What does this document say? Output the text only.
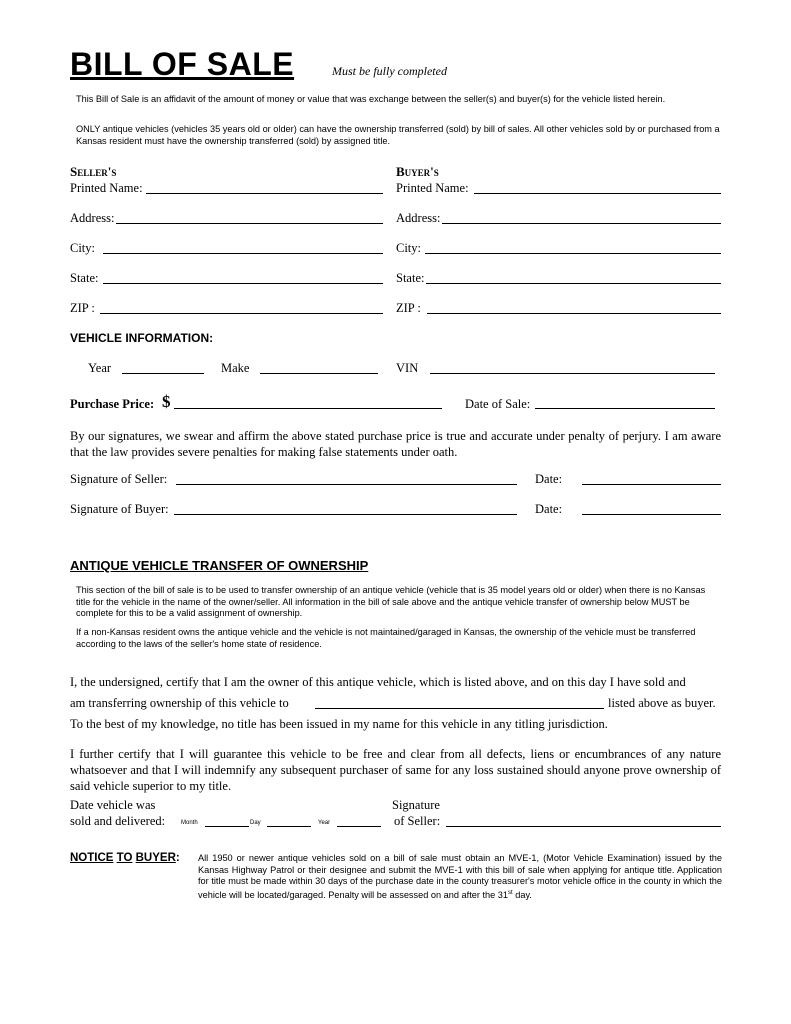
BILL OF SALE	Must be fully completed
This Bill of Sale is an affidavit of the amount of money or value that was exchange between the seller(s) and buyer(s) for the vehicle listed herein.
ONLY antique vehicles (vehicles 35 years old or older) can have the ownership transferred (sold) by bill of sales. All other vehicles sold by or purchased from a Kansas resident must have the ownership transferred (sold) by assigned title.
Seller's	Buyer's
Printed Name:
Address:
City:
State:
ZIP :
Printed Name:
Address:
City:
State:
ZIP :
VEHICLE INFORMATION:
Year	Make	VIN
Purchase Price: $	Date of Sale:
By our signatures, we swear and affirm the above stated purchase price is true and accurate under penalty of perjury. I am aware that the law provides severe penalties for making false statements under oath.
Signature of Seller:	Date:
Signature of Buyer:	Date:
ANTIQUE VEHICLE TRANSFER OF OWNERSHIP
This section of the bill of sale is to be used to transfer ownership of an antique vehicle (vehicle that is 35 model years old or older) when there is no Kansas title for the vehicle in the name of the owner/seller. All information in the bill of sale above and the antique vehicle transfer of ownership below MUST be complete for this to be a valid assignment of ownership.
If a non-Kansas resident owns the antique vehicle and the vehicle is not maintained/garaged in Kansas, the ownership of the vehicle must be transferred according to the laws of the seller's home state of residence.
I, the undersigned, certify that I am the owner of this antique vehicle, which is listed above, and on this day I have sold and
am transferring ownership of this vehicle to	listed above as buyer.
To the best of my knowledge, no title has been issued in my name for this vehicle in any titling jurisdiction.
I further certify that I will guarantee this vehicle to be free and clear from all defects, liens or encumbrances of any nature whatsoever and that I will indemnify any subsequent purchaser of same for any loss sustained should anyone prove ownership of said vehicle superior to my title.
Date vehicle was
sold and delivered:	Month	Day	Year
Signature
of Seller:
NOTICE TO BUYER: All 1950 or newer antique vehicles sold on a bill of sale must obtain an MVE-1, (Motor Vehicle Examination) issued by the Kansas Highway Patrol or their designee and submit the MVE-1 with this bill of sale when applying for antique title. Application for title must be made within 30 days of the purchase date in the county treasurer's motor vehicle office in the county in which the vehicle will be located/garaged. Penalty will be assessed on and after the 31st day.
